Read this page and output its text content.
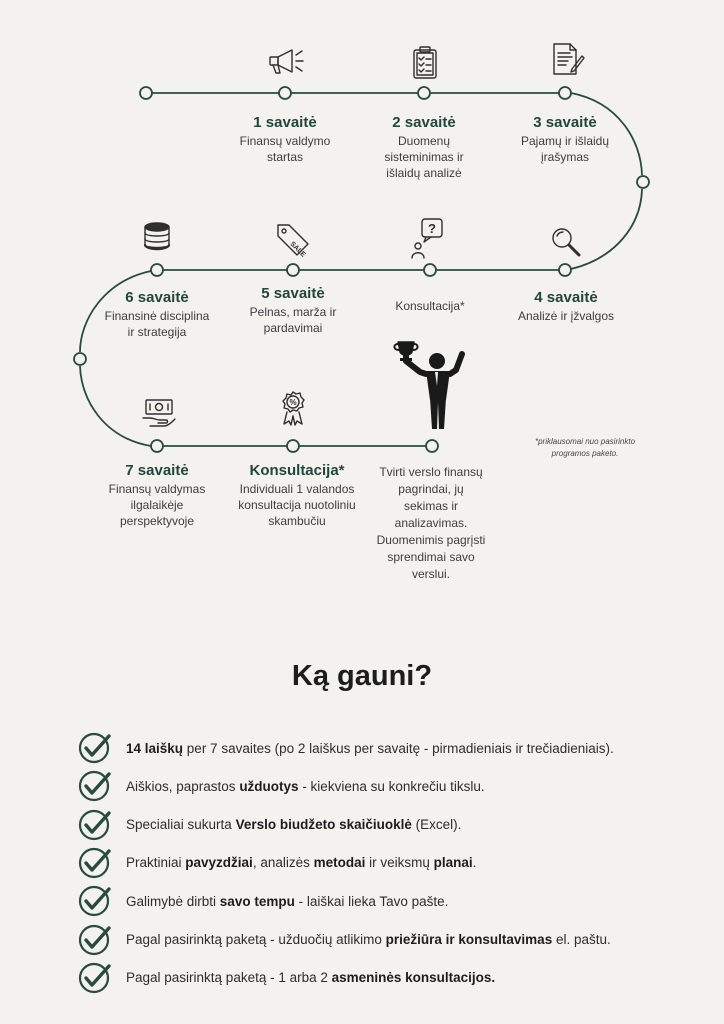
SALE
?
%
1 savaitė
Finansų valdymo
startas
2 savaitė
Duomenų
sisteminimas ir
išlaidų analizė
3 savaitė
Pajamų ir išlaidų
įrašymas
4 savaitė
Analizė ir įžvalgos
Konsultacija*
5 savaitė
Pelnas, marža ir
pardavimai
6 savaitė
Finansinė disciplina
ir strategija
7 savaitė
Finansų valdymas
ilgalaikėje
perspektyvoje
Konsultacija*
Individuali 1 valandos
konsultacija nuotoliniu
skambučiu
Tvirti verslo finansų
pagrindai, jų
sekimas ir
analizavimas.
Duomenimis pagrįsti
sprendimai savo
verslui.
*priklausomai nuo pasirinkto
programos paketo.
Ką gauni?
14 laiškų per 7 savaites (po 2 laiškus per savaitę - pirmadieniais ir trečiadieniais).
Aiškios, paprastos užduotys - kiekviena su konkrečiu tikslu.
Specialiai sukurta Verslo biudžeto skaičiuoklė (Excel).
Praktiniai pavyzdžiai, analizės metodai ir veiksmų planai.
Galimybė dirbti savo tempu - laiškai lieka Tavo pašte.
Pagal pasirinktą paketą - užduočių atlikimo priežiūra ir konsultavimas el. paštu.
Pagal pasirinktą paketą - 1 arba 2 asmeninės konsultacijos.
